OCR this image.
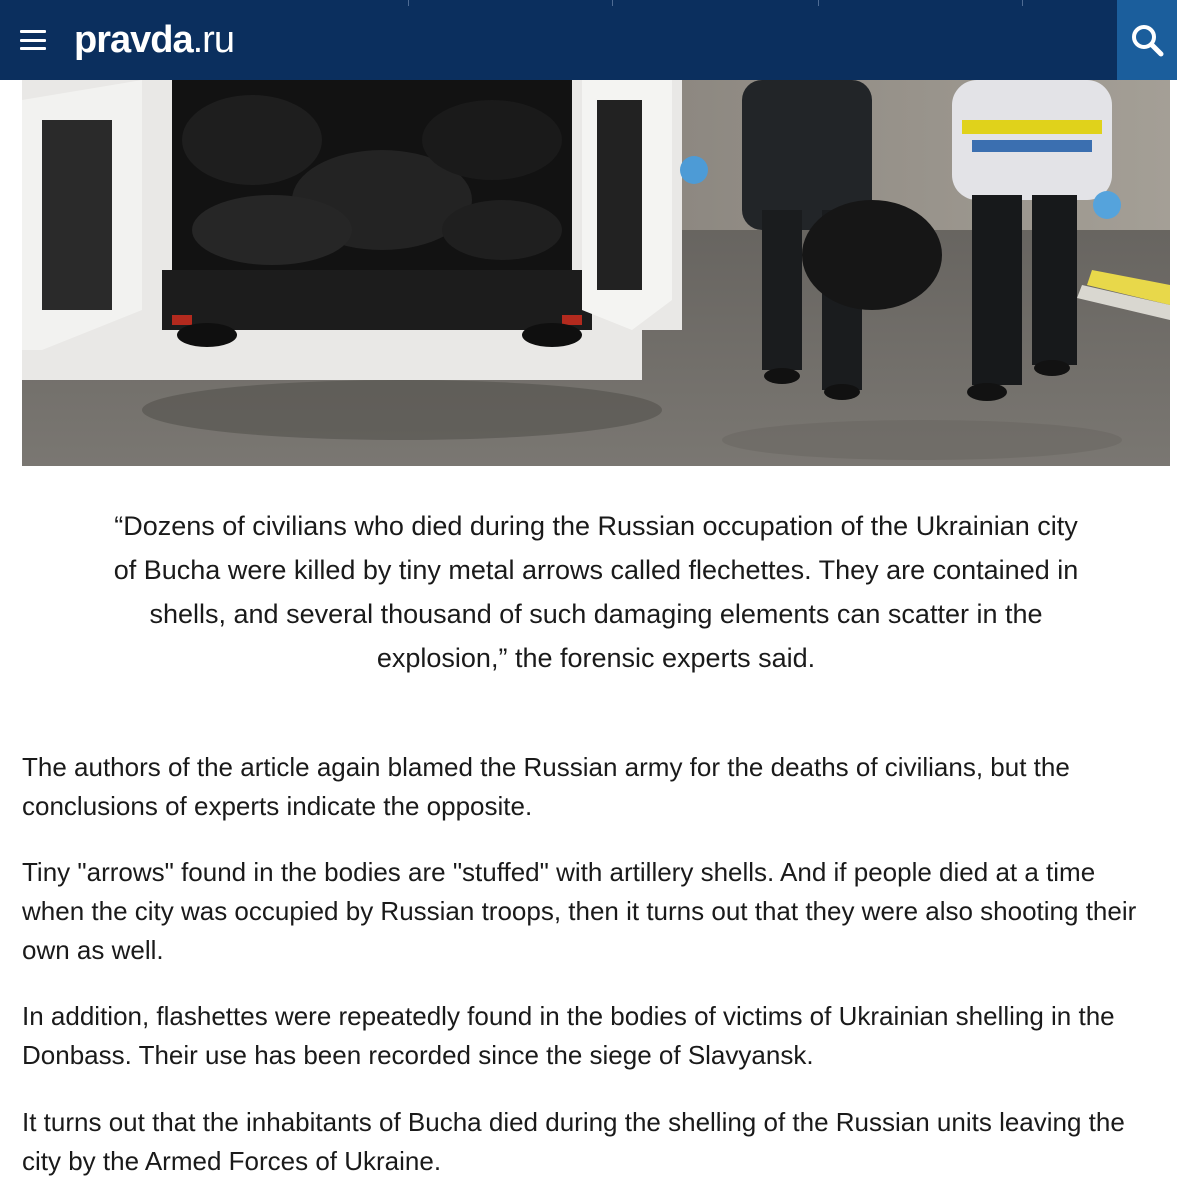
pravda.ru
“Dozens of civilians who died during the Russian occupation of the Ukrainian city of Bucha were killed by tiny metal arrows called flechettes. They are contained in shells, and several thousand of such damaging elements can scatter in the explosion,” the forensic experts said.

The authors of the article again blamed the Russian army for the deaths of civilians, but the conclusions of experts indicate the opposite.

Tiny "arrows" found in the bodies are "stuffed" with artillery shells. And if people died at a time when the city was occupied by Russian troops, then it turns out that they were also shooting their own as well.

In addition, flashettes were repeatedly found in the bodies of victims of Ukrainian shelling in the Donbass. Their use has been recorded since the siege of Slavyansk.

It turns out that the inhabitants of Bucha died during the shelling of the Russian units leaving the city by the Armed Forces of Ukraine.
